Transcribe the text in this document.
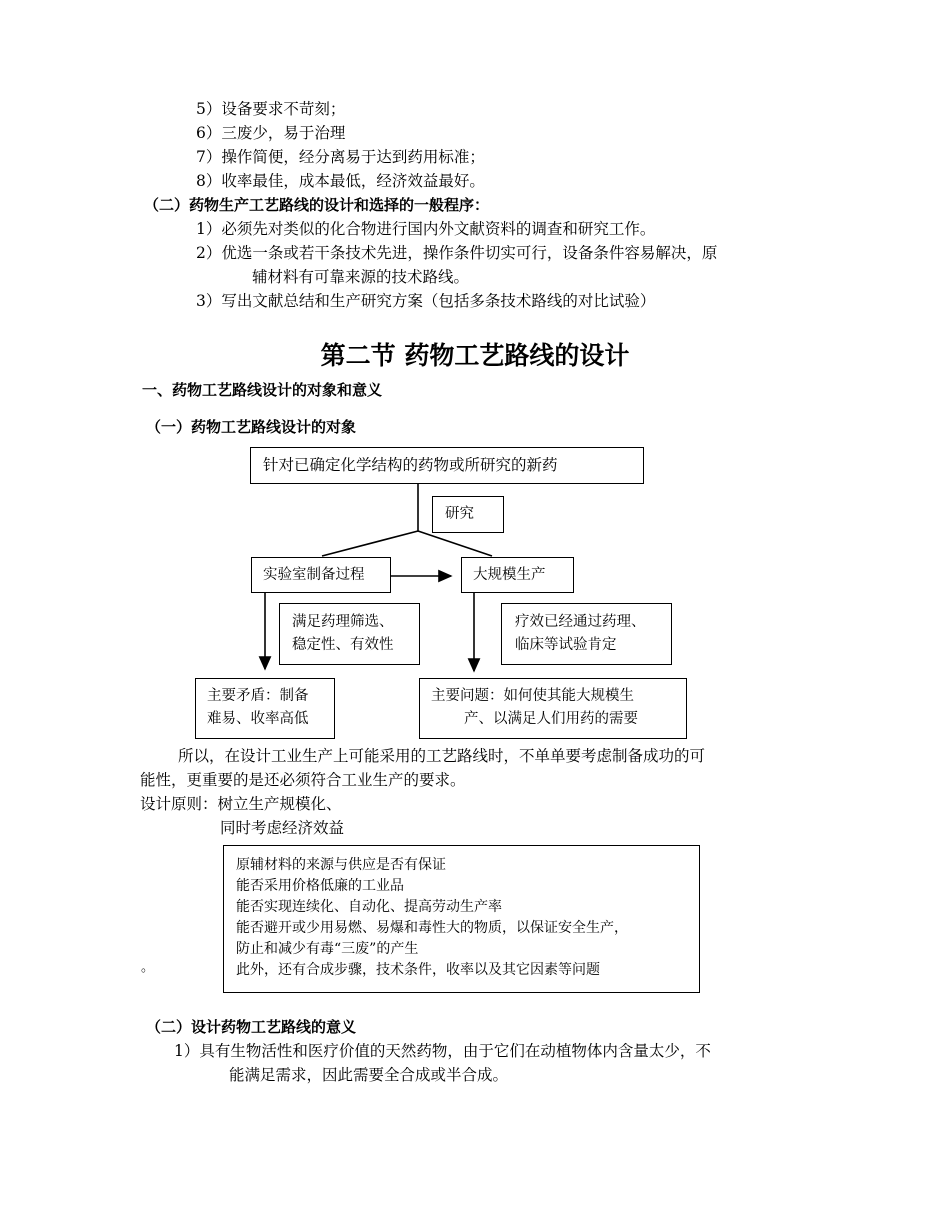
5）设备要求不苛刻；
6）三废少，易于治理
7）操作简便，经分离易于达到药用标准；
8）收率最佳，成本最低，经济效益最好。
（二）药物生产工艺路线的设计和选择的一般程序：
1）必须先对类似的化合物进行国内外文献资料的调查和研究工作。
2）优选一条或若干条技术先进，操作条件切实可行，设备条件容易解决，原
辅材料有可靠来源的技术路线。
3）写出文献总结和生产研究方案（包括多条技术路线的对比试验）
第二节 药物工艺路线的设计
一、药物工艺路线设计的对象和意义
（一）药物工艺路线设计的对象
针对已确定化学结构的药物或所研究的新药
研究
实验室制备过程	大规模生产
满足药理筛选、
稳定性、有效性
疗效已经通过药理、
临床等试验肯定
主要矛盾：制备
难易、收率高低
主要问题：如何使其能大规模生
产、以满足人们用药的需要
所以，在设计工业生产上可能采用的工艺路线时，不单单要考虑制备成功的可
能性，更重要的是还必须符合工业生产的要求。
设计原则：树立生产规模化、
同时考虑经济效益
原辅材料的来源与供应是否有保证
能否采用价格低廉的工业品
能否实现连续化、自动化、提高劳动生产率
能否避开或少用易燃、易爆和毒性大的物质，以保证安全生产，
防止和减少有毒“三废”的产生
此外，还有合成步骤，技术条件，收率以及其它因素等问题
。
（二）设计药物工艺路线的意义
1）具有生物活性和医疗价值的天然药物，由于它们在动植物体内含量太少，不
能满足需求，因此需要全合成或半合成。
